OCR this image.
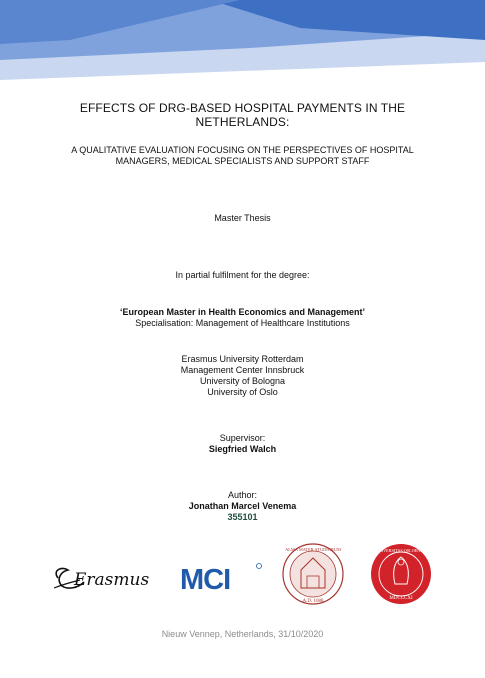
EFFECTS OF DRG-BASED HOSPITAL PAYMENTS IN THE
NETHERLANDS:
A QUALITATIVE EVALUATION FOCUSING ON THE PERSPECTIVES OF HOSPITAL
MANAGERS, MEDICAL SPECIALISTS AND SUPPORT STAFF
Master Thesis
In partial fulfilment for the degree:
‘European Master in Health Economics and Management’
Specialisation: Management of Healthcare Institutions
Erasmus University Rotterdam
Management Center Innsbruck
University of Bologna
University of Oslo
Supervisor:
Siegfried Walch
Author:
Jonathan Marcel Venema
355101
Erasmus MCI
ALMA MATER STUDIORUM
A.D. 1088
UNIVERSITAS OSLOENSIS
MDCCCXI
Nieuw Vennep, Netherlands, 31/10/2020
